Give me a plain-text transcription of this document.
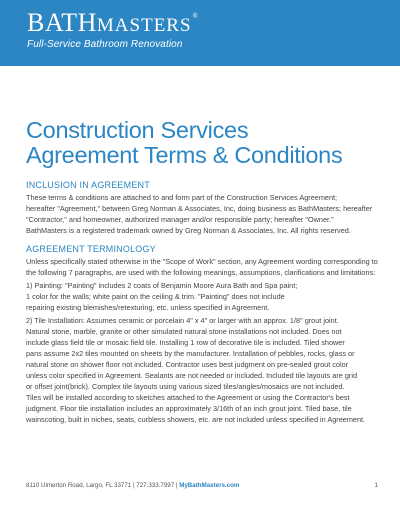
BATHMASTERS®
Full-Service Bathroom Renovation
Construction Services
Agreement Terms & Conditions
INCLUSION IN AGREEMENT
These terms & conditions are attached to and form part of the Construction Services Agreement;
hereafter "Agreement," between Greg Norman & Associates, Inc, doing business as BathMasters; hereafter
"Contractor," and homeowner, authorized manager and/or responsible party; hereafter "Owner."
BathMasters is a registered trademark owned by Greg Norman & Associates, Inc. All rights reserved.
AGREEMENT TERMINOLOGY
Unless specifically stated otherwise in the "Scope of Work" section, any Agreement wording corresponding to
the following 7 paragraphs, are used with the following meanings, assumptions, clarifications and limitations:
1) Painting: "Painting" includes 2 coats of Benjamin Moore Aura Bath and Spa paint;
1 color for the walls; white paint on the ceiling & trim. "Painting" does not include
repairing existing blemishes/retexturing, etc. unless specified in Agreement.
2) Tile Installation: Assumes ceramic or porcelain 4" x 4" or larger with an approx. 1/8" grout joint.
Natural stone, marble, granite or other simulated natural stone installations not included. Does not
include glass field tile or mosaic field tile. Installing 1 row of decorative tile is included. Tiled shower
pans assume 2x2 tiles mounted on sheets by the manufacturer. Installation of pebbles, rocks, glass or
natural stone on shower floor not included. Contractor uses best judgment on pre-sealed grout color
unless color specified in Agreement. Sealants are not needed or included. Included tile layouts are grid
or offset joint(brick). Complex tile layouts using various sized tiles/angles/mosaics are not included.
Tiles will be installed according to sketches attached to the Agreement or using the Contractor's best
judgment. Floor tile installation includes an approximately 3/16th of an inch grout joint. Tiled base, tile
wainscoting, built in niches, seats, curbless showers, etc. are not included unless specified in Agreement.
8110 Ulmerton Road, Largo, FL 33771 | 727.333.7997 | MyBathMasters.com	1
